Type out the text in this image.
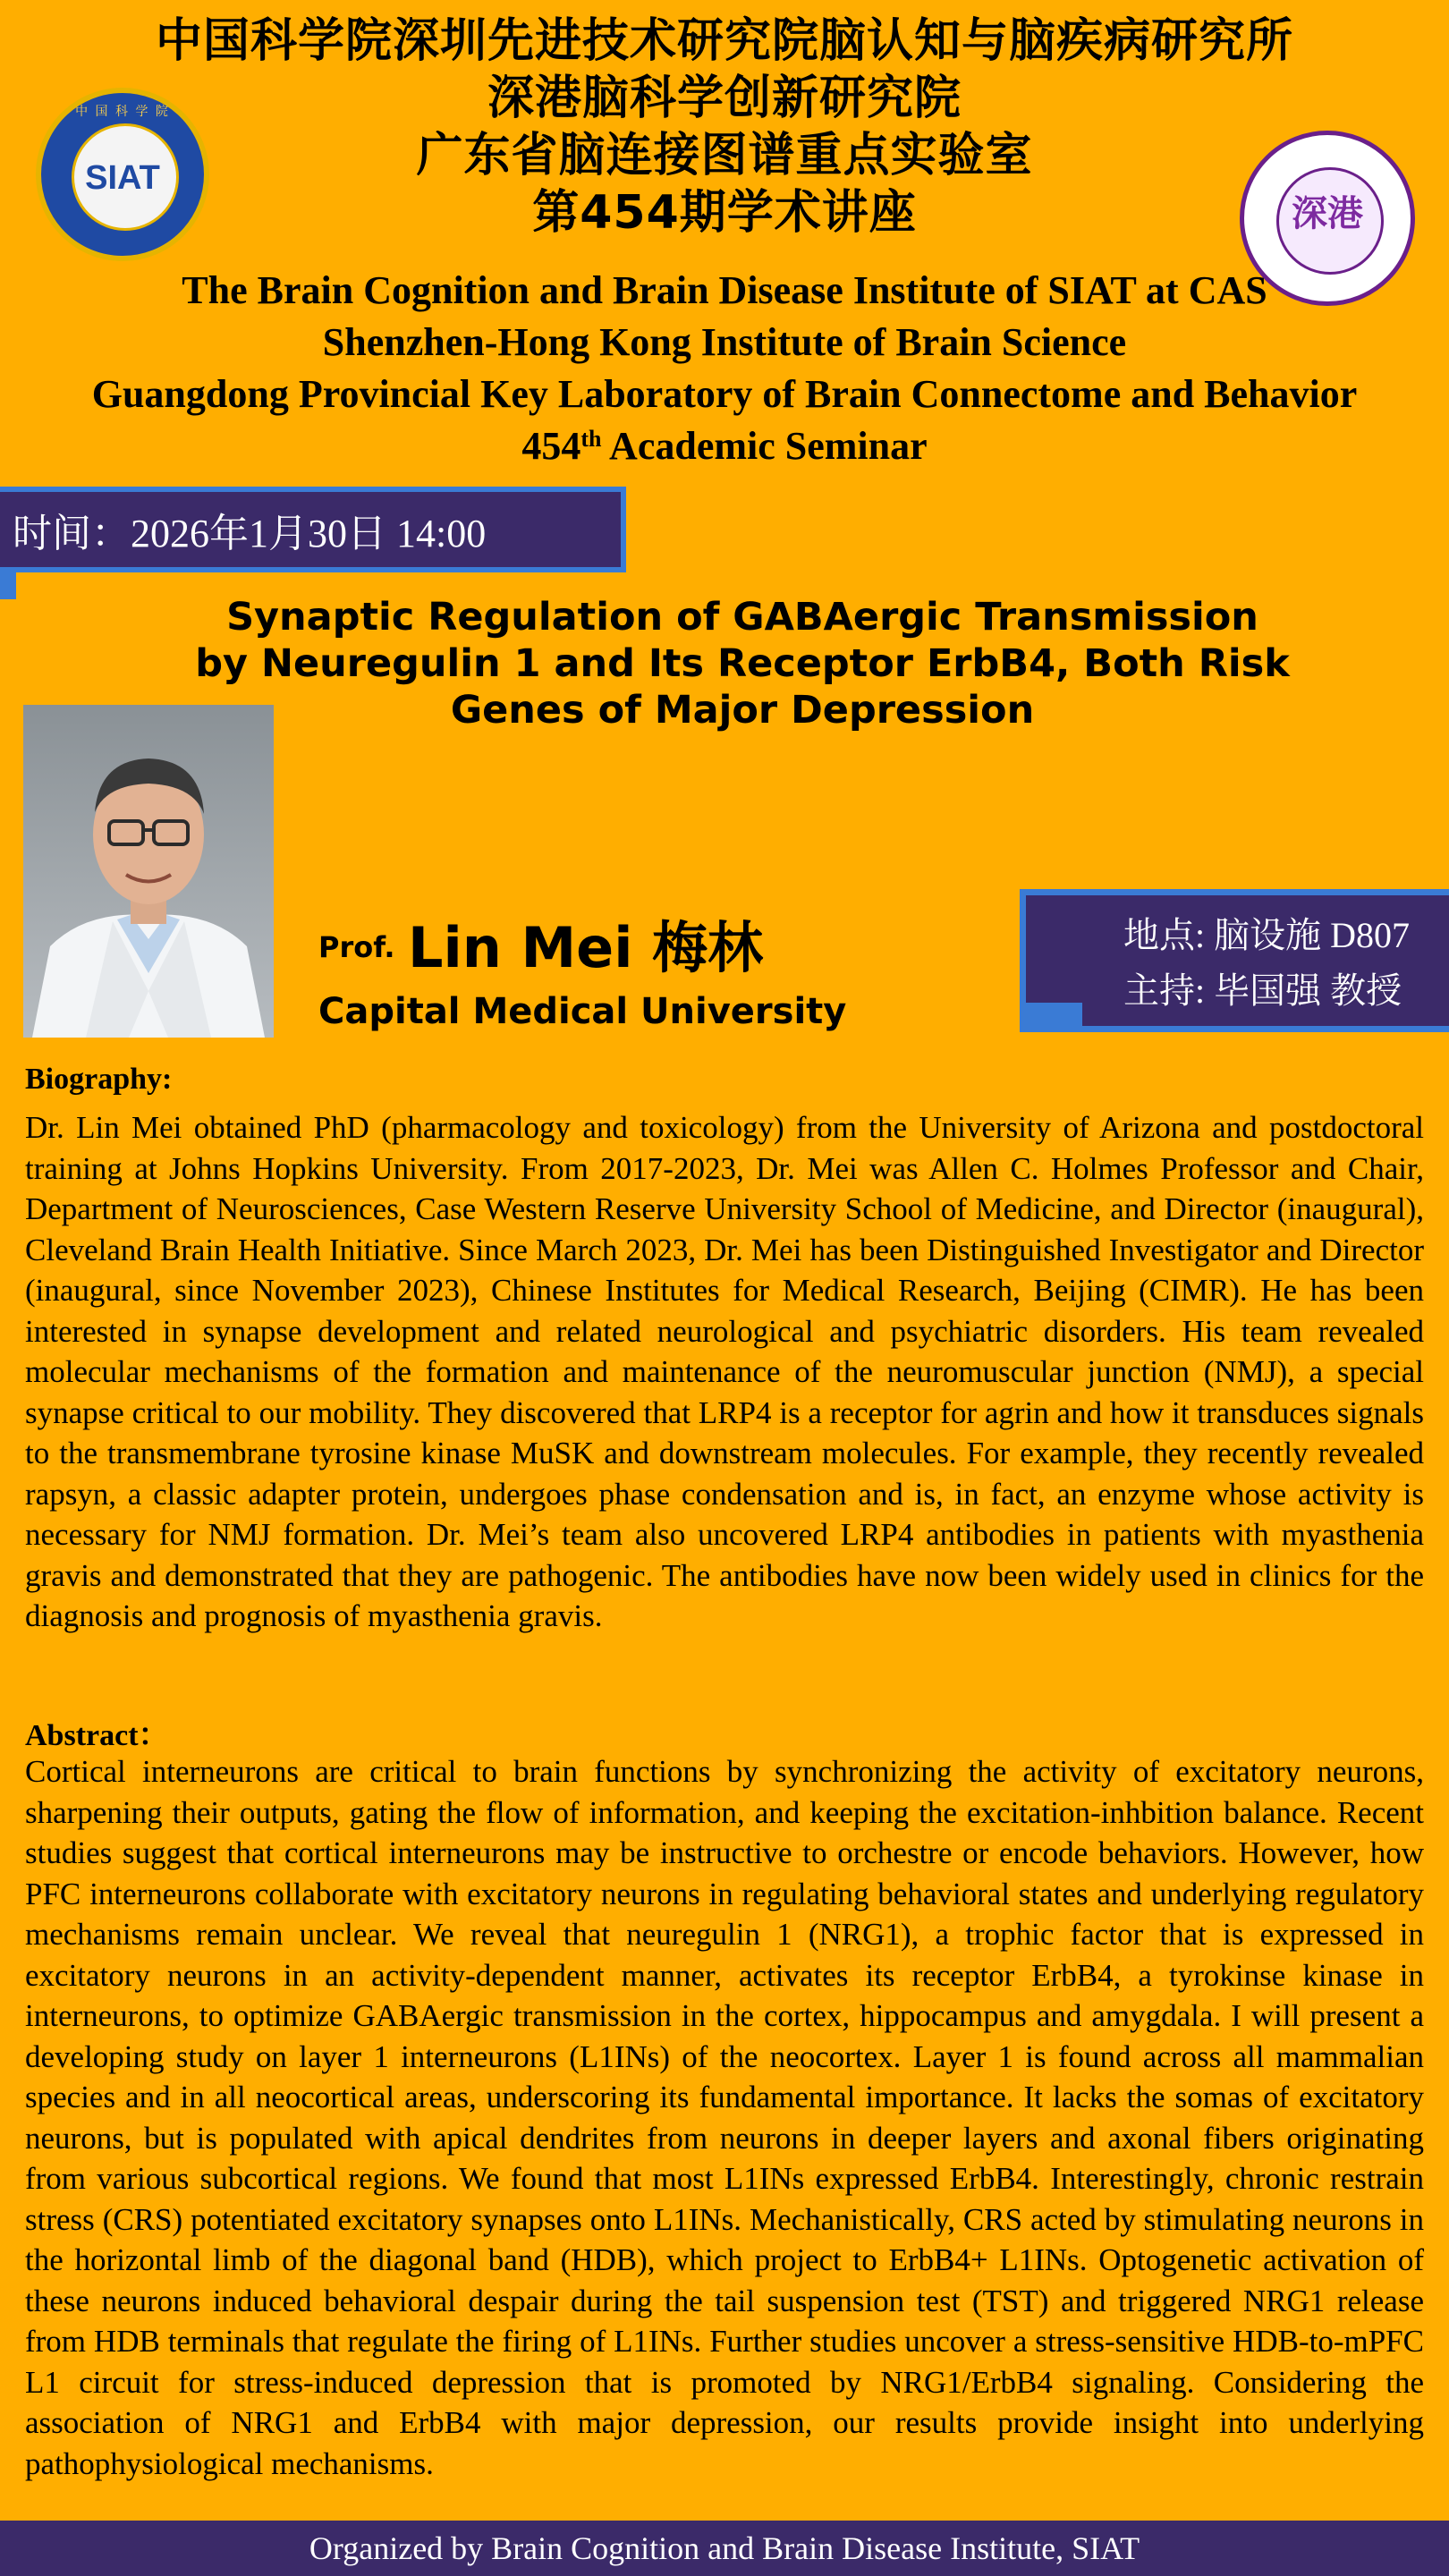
中国科学院深圳先进技术研究院脑认知与脑疾病研究所
深港脑科学创新研究院
广东省脑连接图谱重点实验室
第454期学术讲座
中 国 科 学 院
SIAT
深港
The Brain Cognition and Brain Disease Institute of SIAT at CAS
Shenzhen-Hong Kong Institute of Brain Science
Guangdong Provincial Key Laboratory of Brain Connectome and Behavior
454th Academic Seminar
时间：2026年1月30日 14:00
Synaptic Regulation of GABAergic Transmission
by Neuregulin 1 and Its Receptor ErbB4, Both Risk
Genes of Major Depression
Prof. Lin Mei 梅林
Capital Medical University
地点: 脑设施 D807
主持: 毕国强 教授
Biography:
Dr. Lin Mei obtained PhD (pharmacology and toxicology) from the University of Arizona and postdoctoral training at Johns Hopkins University. From 2017-2023, Dr. Mei was Allen C. Holmes Professor and Chair, Department of Neurosciences, Case Western Reserve University School of Medicine, and Director (inaugural), Cleveland Brain Health Initiative. Since March 2023, Dr. Mei has been Distinguished Investigator and Director (inaugural, since November 2023), Chinese Institutes for Medical Research, Beijing (CIMR). He has been interested in synapse development and related neurological and psychiatric disorders. His team revealed molecular mechanisms of the formation and maintenance of the neuromuscular junction (NMJ), a special synapse critical to our mobility. They discovered that LRP4 is a receptor for agrin and how it transduces signals to the transmembrane tyrosine kinase MuSK and downstream molecules. For example, they recently revealed rapsyn, a classic adapter protein, undergoes phase condensation and is, in fact, an enzyme whose activity is necessary for NMJ formation. Dr. Mei’s team also uncovered LRP4 antibodies in patients with myasthenia gravis and demonstrated that they are pathogenic. The antibodies have now been widely used in clinics for the diagnosis and prognosis of myasthenia gravis.
Abstract：
Cortical interneurons are critical to brain functions by synchronizing the activity of excitatory neurons, sharpening their outputs, gating the flow of information, and keeping the excitation-inhbition balance. Recent studies suggest that cortical interneurons may be instructive to orchestre or encode behaviors. However, how PFC interneurons collaborate with excitatory neurons in regulating behavioral states and underlying regulatory mechanisms remain unclear. We reveal that neuregulin 1 (NRG1), a trophic factor that is expressed in excitatory neurons in an activity-dependent manner, activates its receptor ErbB4, a tyrokinse kinase in interneurons, to optimize GABAergic transmission in the cortex, hippocampus and amygdala. I will present a developing study on layer 1 interneurons (L1INs) of the neocortex. Layer 1 is found across all mammalian species and in all neocortical areas, underscoring its fundamental importance. It lacks the somas of excitatory neurons, but is populated with apical dendrites from neurons in deeper layers and axonal fibers originating from various subcortical regions. We found that most L1INs expressed ErbB4. Interestingly, chronic restrain stress (CRS) potentiated excitatory synapses onto L1INs. Mechanistically, CRS acted by stimulating neurons in the horizontal limb of the diagonal band (HDB), which project to ErbB4+ L1INs. Optogenetic activation of these neurons induced behavioral despair during the tail suspension test (TST) and triggered NRG1 release from HDB terminals that regulate the firing of L1INs. Further studies uncover a stress-sensitive HDB-to-mPFC L1 circuit for stress-induced depression that is promoted by NRG1/ErbB4 signaling. Considering the association of NRG1 and ErbB4 with major depression, our results provide insight into underlying pathophysiological mechanisms.
Organized by Brain Cognition and Brain Disease Institute, SIAT
